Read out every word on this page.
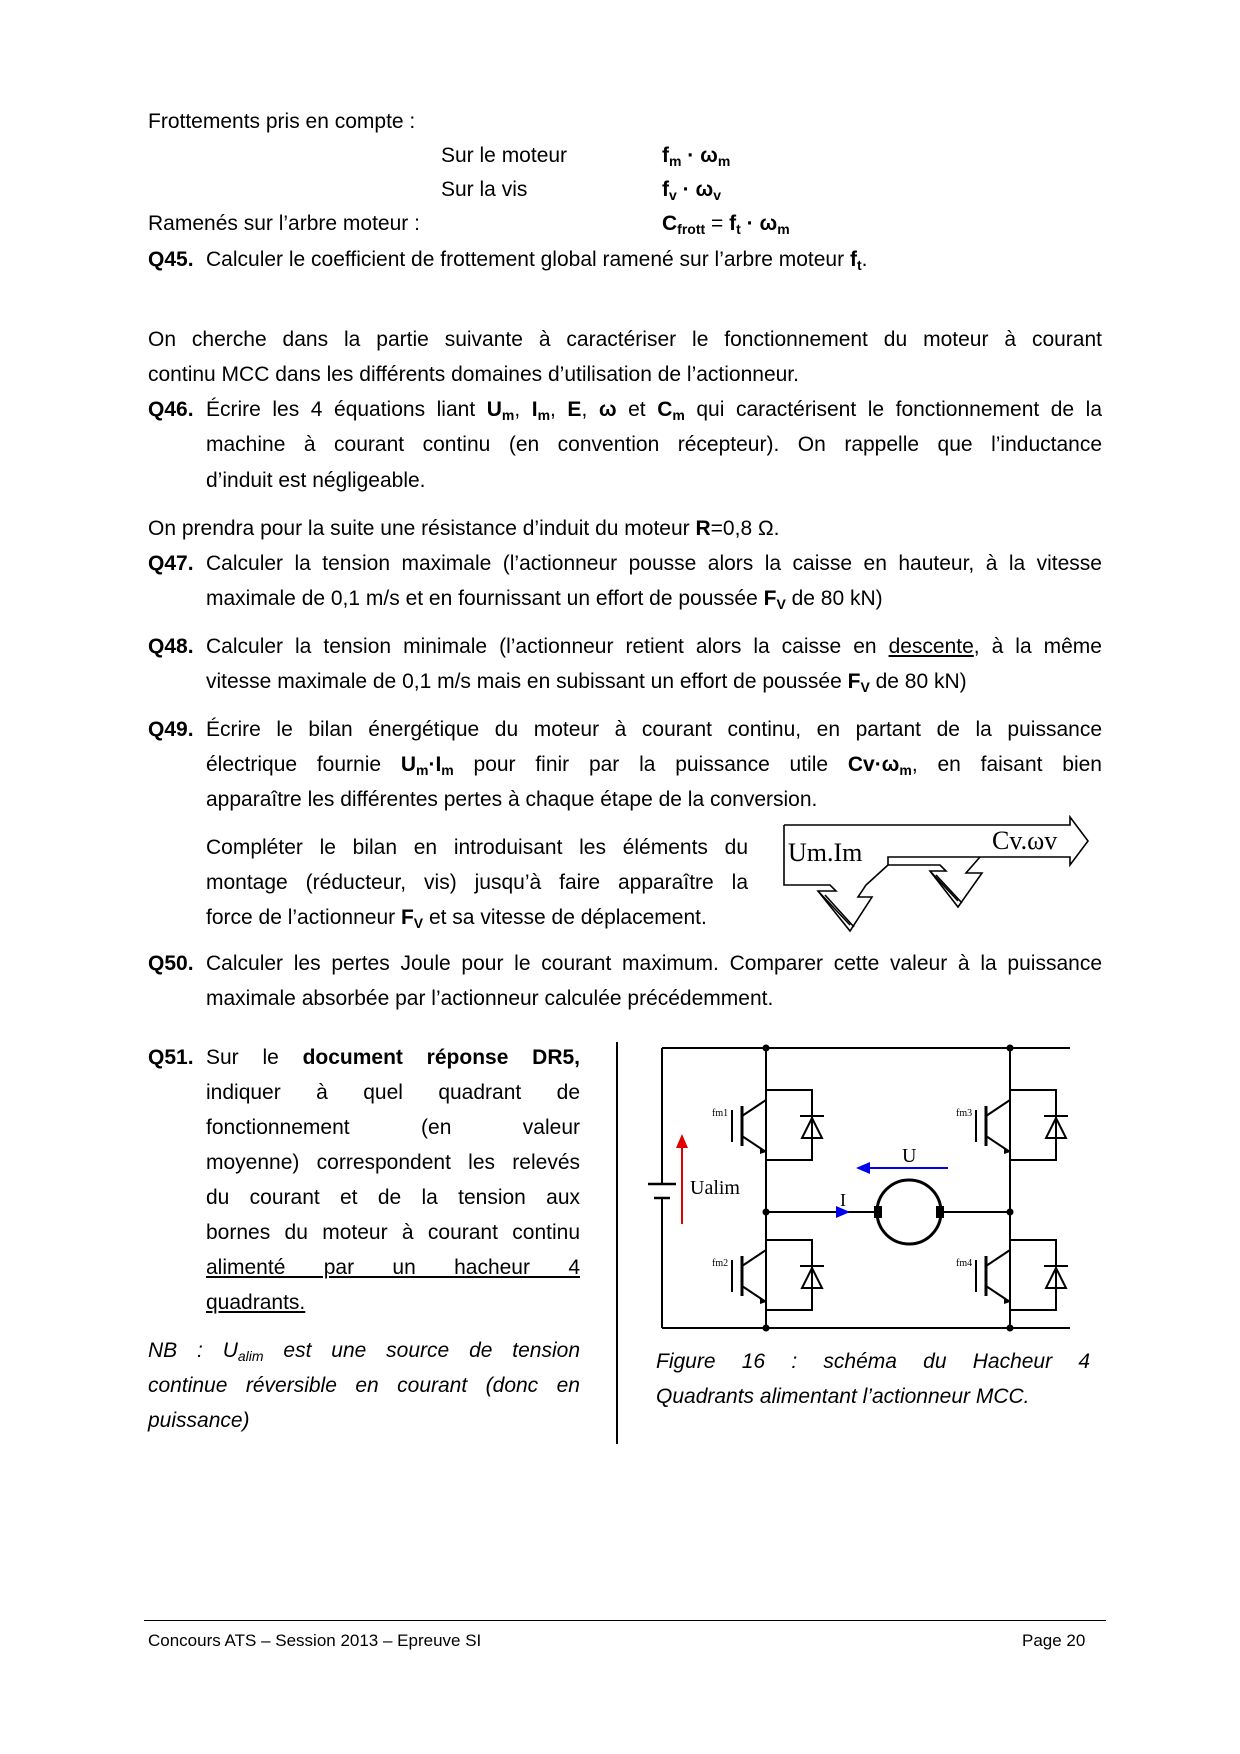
Frottements pris en compte :
Sur le moteur	$f_m \cdot \omega_m$
Sur la vis	$f_v \cdot \omega_v$
Ramenés sur l’arbre moteur :	$C_{frott} = f_t \cdot \omega_m$
Q45. Calculer le coefficient de frottement global ramené sur l’arbre moteur $f_t$.
On cherche dans la partie suivante à caractériser le fonctionnement du moteur à courant
continu MCC dans les différents domaines d’utilisation de l’actionneur.
Q46. Écrire les 4 équations liant $U_m$, $I_m$, E, ω et $C_m$ qui caractérisent le fonctionnement de la
machine à courant continu (en convention récepteur). On rappelle que l’inductance
d’induit est négligeable.
On prendra pour la suite une résistance d’induit du moteur R=0,8 Ω.
Q47. Calculer la tension maximale (l’actionneur pousse alors la caisse en hauteur, à la vitesse
maximale de 0,1 m/s et en fournissant un effort de poussée $F_V$ de 80 kN)
Q48. Calculer la tension minimale (l’actionneur retient alors la caisse en descente, à la même
vitesse maximale de 0,1 m/s mais en subissant un effort de poussée $F_V$ de 80 kN)
Q49. Écrire le bilan énergétique du moteur à courant continu, en partant de la puissance
électrique fournie $U_m\cdot I_m$ pour finir par la puissance utile $Cv\cdot\omega_m$, en faisant bien
apparaître les différentes pertes à chaque étape de la conversion.
Compléter le bilan en introduisant les éléments du
montage (réducteur, vis) jusqu’à faire apparaître la
force de l’actionneur $F_V$ et sa vitesse de déplacement.
Um.Im	Cv.ωv
Q50. Calculer les pertes Joule pour le courant maximum. Comparer cette valeur à la puissance
maximale absorbée par l’actionneur calculée précédemment.
Q51. Sur le document réponse DR5,
indiquer à quel quadrant de
fonctionnement (en valeur
moyenne) correspondent les relevés
du courant et de la tension aux
bornes du moteur à courant continu
alimenté par un hacheur 4
quadrants.
NB : $U_{alim}$ est une source de tension
continue réversible en courant (donc en
puissance)
Ualim
U
I
fm1
fm2
fm3
fm4
Figure 16 : schéma du Hacheur 4
Quadrants alimentant l’actionneur MCC.
Concours ATS – Session 2013 – Epreuve SI	Page 20
